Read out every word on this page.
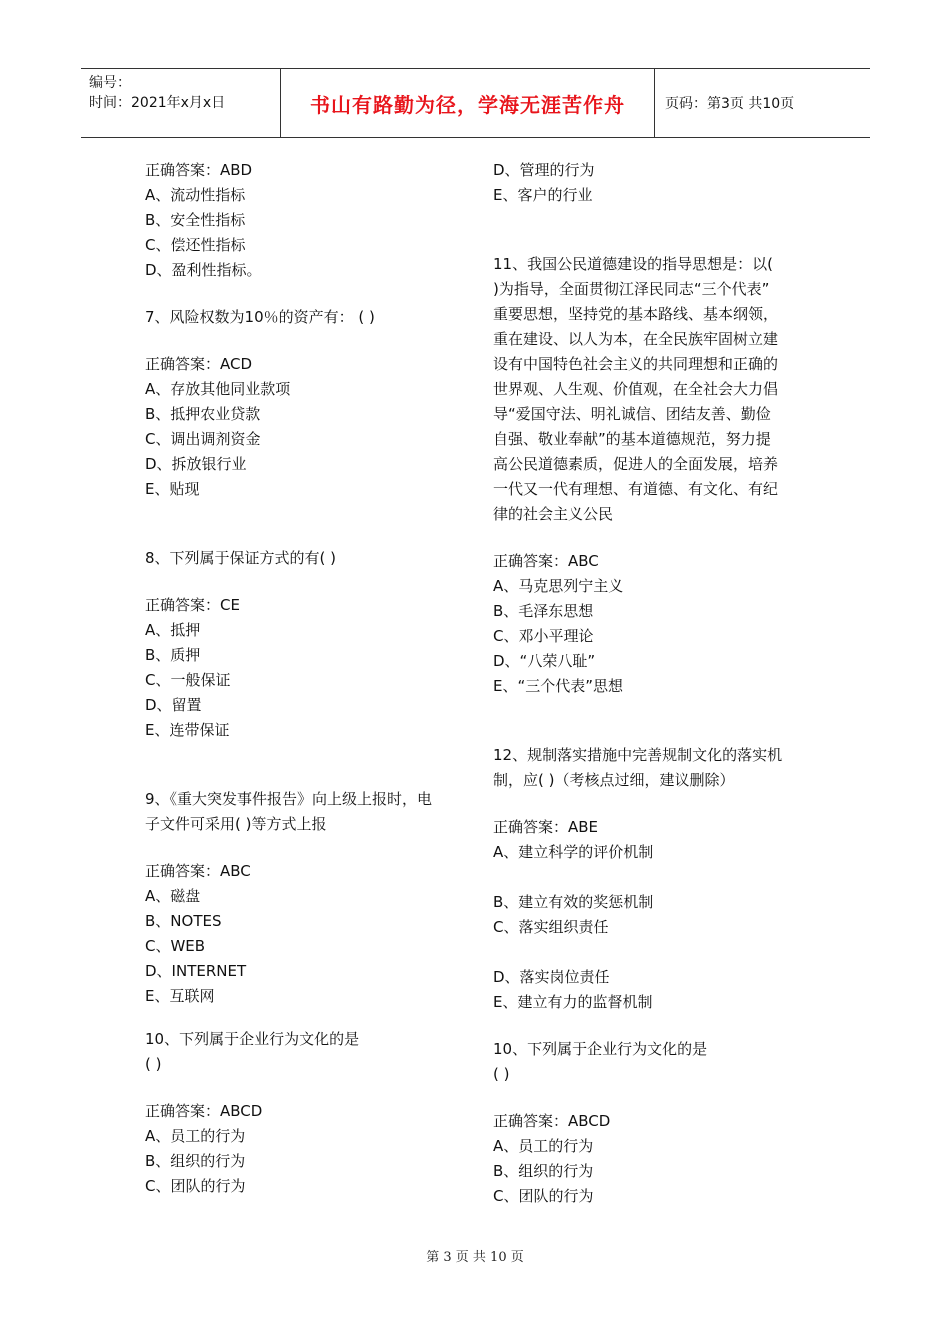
编号：
时间：2021年x月x日	书山有路勤为径，学海无涯苦作舟	页码：第3页 共10页
正确答案：ABD
A、流动性指标
B、安全性指标
C、偿还性指标
D、盈利性指标。
7、风险权数为10％的资产有： ( )
正确答案：ACD
A、存放其他同业款项
B、抵押农业贷款
C、调出调剂资金
D、拆放银行业
E、贴现
8、下列属于保证方式的有( )
正确答案：CE
A、抵押
B、质押
C、一般保证
D、留置
E、连带保证
9、《重大突发事件报告》向上级上报时，电
子文件可采用( )等方式上报
正确答案：ABC
A、磁盘
B、NOTES
C、WEB
D、INTERNET
E、互联网
10、下列属于企业行为文化的是
( )
正确答案：ABCD
A、员工的行为
B、组织的行为
C、团队的行为
D、管理的行为
E、客户的行业
11、我国公民道德建设的指导思想是：以(
)为指导，全面贯彻江泽民同志“三个代表”
重要思想，坚持党的基本路线、基本纲领，
重在建设、以人为本，在全民族牢固树立建
设有中国特色社会主义的共同理想和正确的
世界观、人生观、价值观，在全社会大力倡
导“爱国守法、明礼诚信、团结友善、勤俭
自强、敬业奉献”的基本道德规范，努力提
高公民道德素质，促进人的全面发展，培养
一代又一代有理想、有道德、有文化、有纪
律的社会主义公民
正确答案：ABC
A、马克思列宁主义
B、毛泽东思想
C、邓小平理论
D、“八荣八耻”
E、“三个代表”思想
12、规制落实措施中完善规制文化的落实机
制，应( )（考核点过细，建议删除）
正确答案：ABE
A、建立科学的评价机制
B、建立有效的奖惩机制
C、落实组织责任
D、落实岗位责任
E、建立有力的监督机制
10、下列属于企业行为文化的是
( )
正确答案：ABCD
A、员工的行为
B、组织的行为
C、团队的行为
第 3 页 共 10 页
